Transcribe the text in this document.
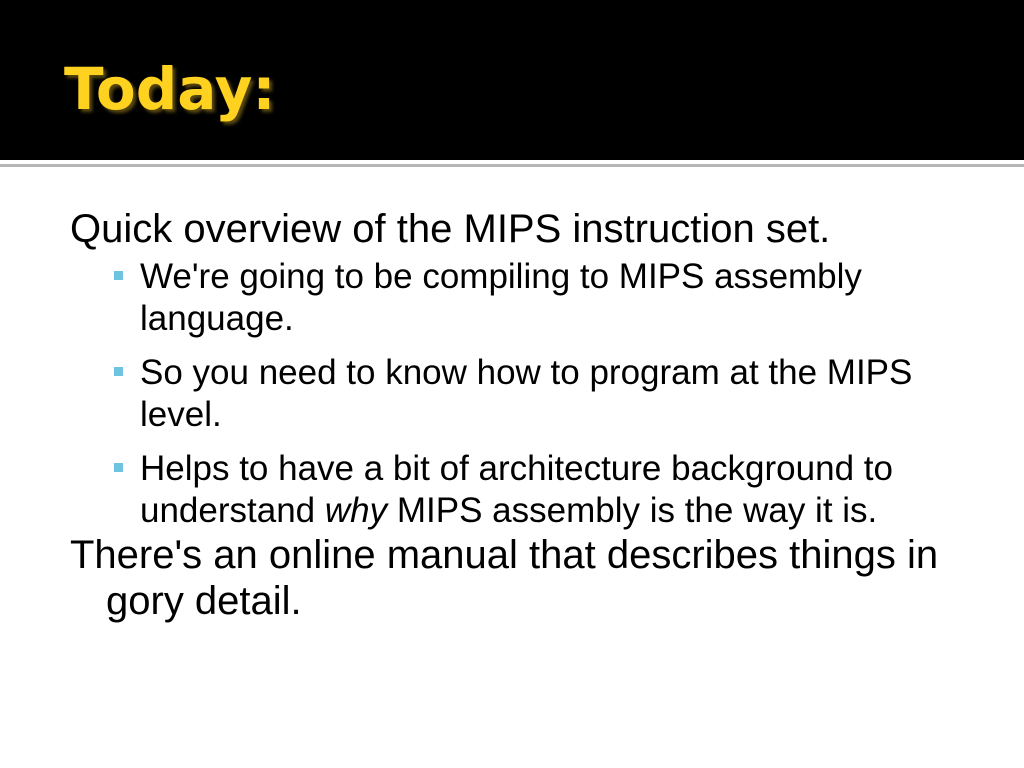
Today:

Quick overview of the MIPS instruction set.

We're going to be compiling to MIPS assembly language.
So you need to know how to program at the MIPS level.
Helps to have a bit of architecture background to understand why MIPS assembly is the way it is.

There's an online manual that describes things in gory detail.
